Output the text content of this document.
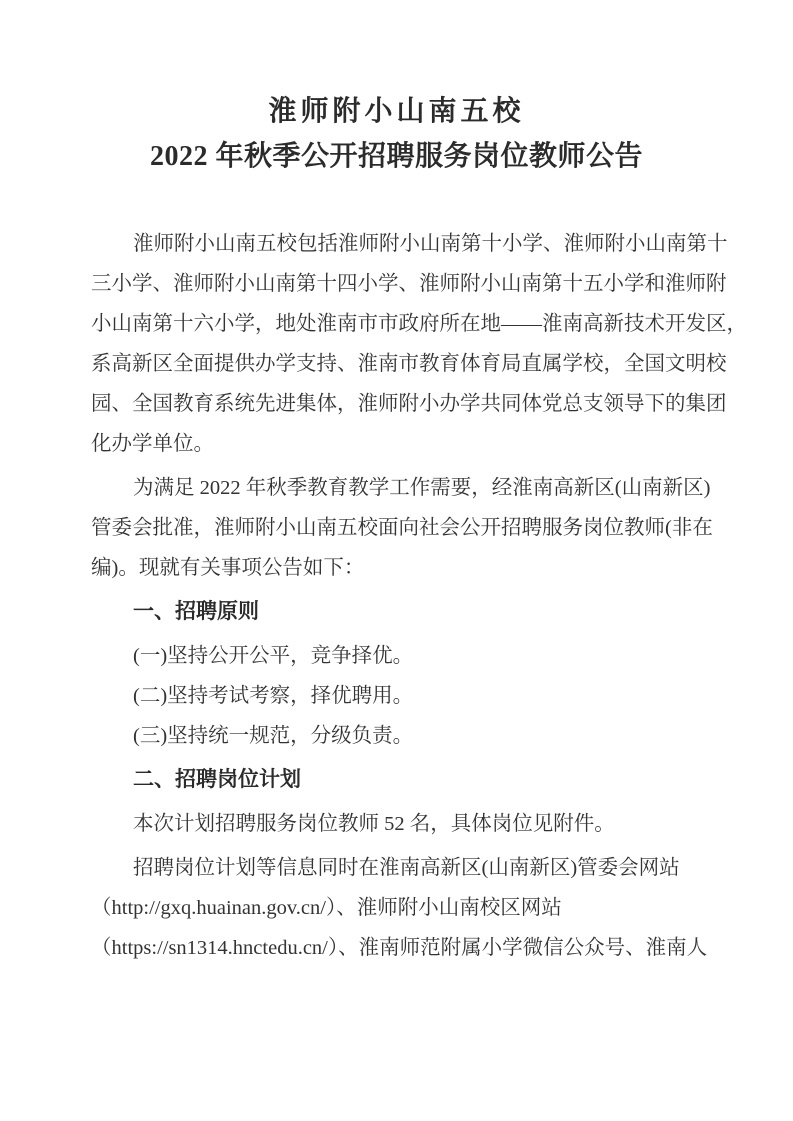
淮师附小山南五校
2022 年秋季公开招聘服务岗位教师公告

淮师附小山南五校包括淮师附小山南第十小学、淮师附小山南第十
三小学、淮师附小山南第十四小学、淮师附小山南第十五小学和淮师附
小山南第十六小学，地处淮南市市政府所在地——淮南高新技术开发区，
系高新区全面提供办学支持、淮南市教育体育局直属学校，全国文明校
园、全国教育系统先进集体，淮师附小办学共同体党总支领导下的集团
化办学单位。

为满足 2022 年秋季教育教学工作需要，经淮南高新区(山南新区)
管委会批准，淮师附小山南五校面向社会公开招聘服务岗位教师(非在
编)。现就有关事项公告如下：

一、招聘原则

(一)坚持公开公平，竞争择优。
(二)坚持考试考察，择优聘用。
(三)坚持统一规范，分级负责。

二、招聘岗位计划

本次计划招聘服务岗位教师 52 名，具体岗位见附件。

招聘岗位计划等信息同时在淮南高新区(山南新区)管委会网站
（http://gxq.huainan.gov.cn/）、淮师附小山南校区网站
（https://sn1314.hnctedu.cn/）、淮南师范附属小学微信公众号、淮南人
